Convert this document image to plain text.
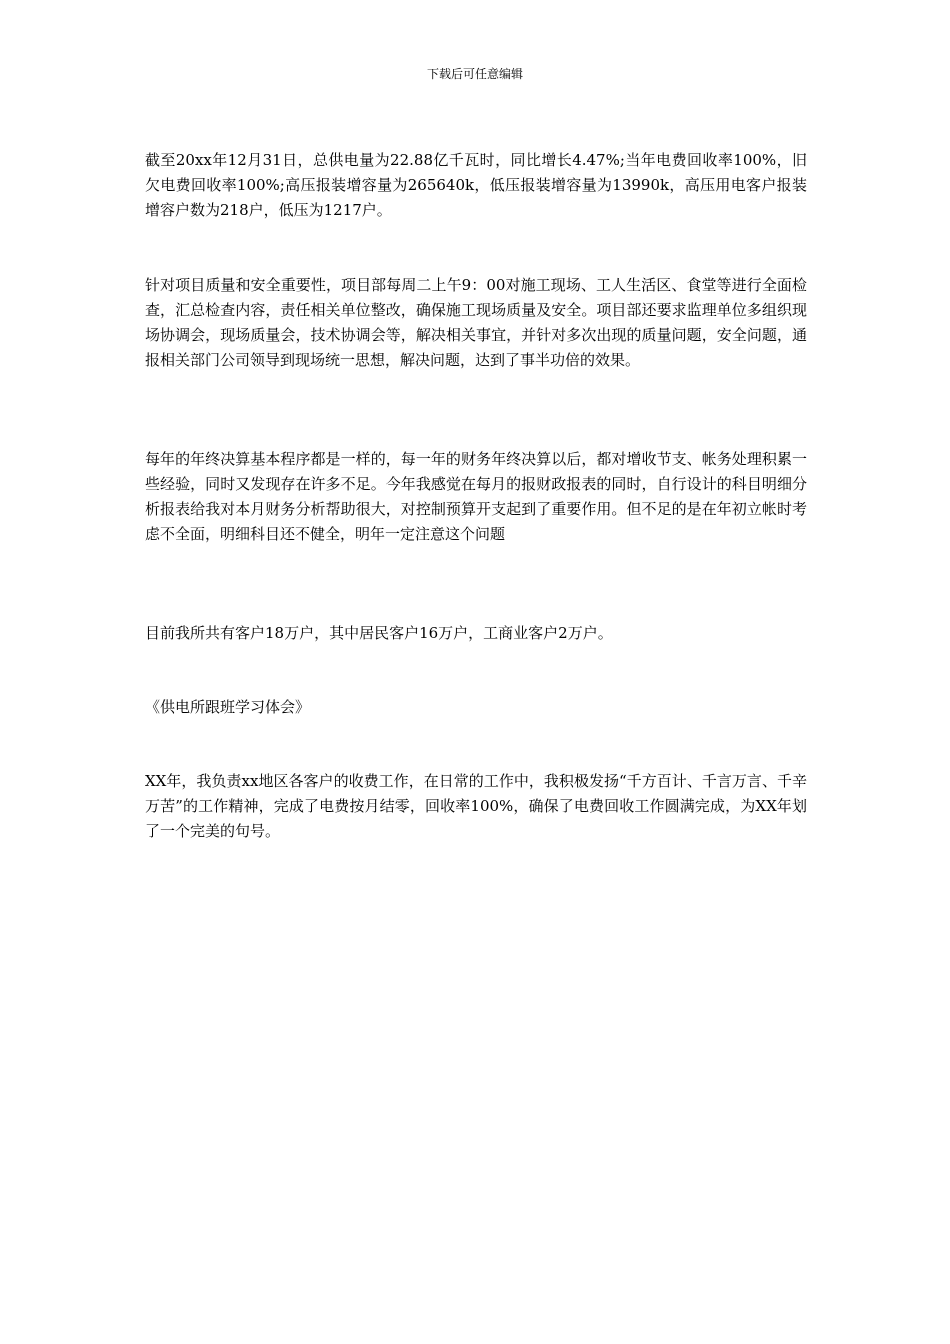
下载后可任意编辑

截至20xx年12月31日，总供电量为22.88亿千瓦时，同比增长4.47%;当年电费回收率100%，旧欠电费回收率100%;高压报装增容量为265640k，低压报装增容量为13990k，高压用电客户报装增容户数为218户，低压为1217户。

针对项目质量和安全重要性，项目部每周二上午9：00对施工现场、工人生活区、食堂等进行全面检查，汇总检查内容，责任相关单位整改，确保施工现场质量及安全。项目部还要求监理单位多组织现场协调会，现场质量会，技术协调会等，解决相关事宜，并针对多次出现的质量问题，安全问题，通报相关部门公司领导到现场统一思想，解决问题，达到了事半功倍的效果。

每年的年终决算基本程序都是一样的，每一年的财务年终决算以后，都对增收节支、帐务处理积累一些经验，同时又发现存在许多不足。今年我感觉在每月的报财政报表的同时，自行设计的科目明细分析报表给我对本月财务分析帮助很大，对控制预算开支起到了重要作用。但不足的是在年初立帐时考虑不全面，明细科目还不健全，明年一定注意这个问题

目前我所共有客户18万户，其中居民客户16万户，工商业客户2万户。

《供电所跟班学习体会》

XX年，我负责xx地区各客户的收费工作，在日常的工作中，我积极发扬“千方百计、千言万言、千辛万苦”的工作精神，完成了电费按月结零，回收率100%，确保了电费回收工作圆满完成，为XX年划了一个完美的句号。
